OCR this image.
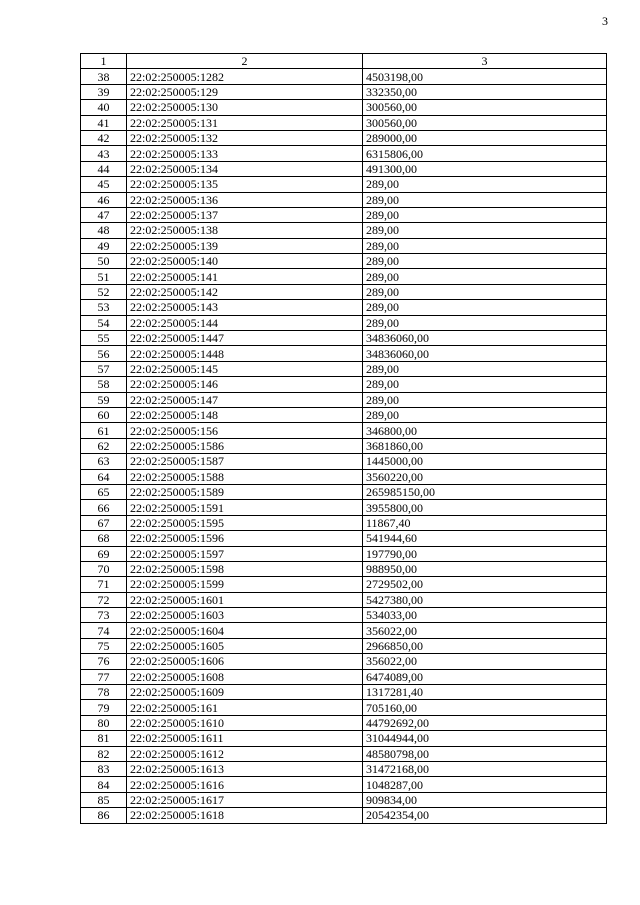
3
1	2	3
38	22:02:250005:1282	4503198,00
39	22:02:250005:129	332350,00
40	22:02:250005:130	300560,00
41	22:02:250005:131	300560,00
42	22:02:250005:132	289000,00
43	22:02:250005:133	6315806,00
44	22:02:250005:134	491300,00
45	22:02:250005:135	289,00
46	22:02:250005:136	289,00
47	22:02:250005:137	289,00
48	22:02:250005:138	289,00
49	22:02:250005:139	289,00
50	22:02:250005:140	289,00
51	22:02:250005:141	289,00
52	22:02:250005:142	289,00
53	22:02:250005:143	289,00
54	22:02:250005:144	289,00
55	22:02:250005:1447	34836060,00
56	22:02:250005:1448	34836060,00
57	22:02:250005:145	289,00
58	22:02:250005:146	289,00
59	22:02:250005:147	289,00
60	22:02:250005:148	289,00
61	22:02:250005:156	346800,00
62	22:02:250005:1586	3681860,00
63	22:02:250005:1587	1445000,00
64	22:02:250005:1588	3560220,00
65	22:02:250005:1589	265985150,00
66	22:02:250005:1591	3955800,00
67	22:02:250005:1595	11867,40
68	22:02:250005:1596	541944,60
69	22:02:250005:1597	197790,00
70	22:02:250005:1598	988950,00
71	22:02:250005:1599	2729502,00
72	22:02:250005:1601	5427380,00
73	22:02:250005:1603	534033,00
74	22:02:250005:1604	356022,00
75	22:02:250005:1605	2966850,00
76	22:02:250005:1606	356022,00
77	22:02:250005:1608	6474089,00
78	22:02:250005:1609	1317281,40
79	22:02:250005:161	705160,00
80	22:02:250005:1610	44792692,00
81	22:02:250005:1611	31044944,00
82	22:02:250005:1612	48580798,00
83	22:02:250005:1613	31472168,00
84	22:02:250005:1616	1048287,00
85	22:02:250005:1617	909834,00
86	22:02:250005:1618	20542354,00
